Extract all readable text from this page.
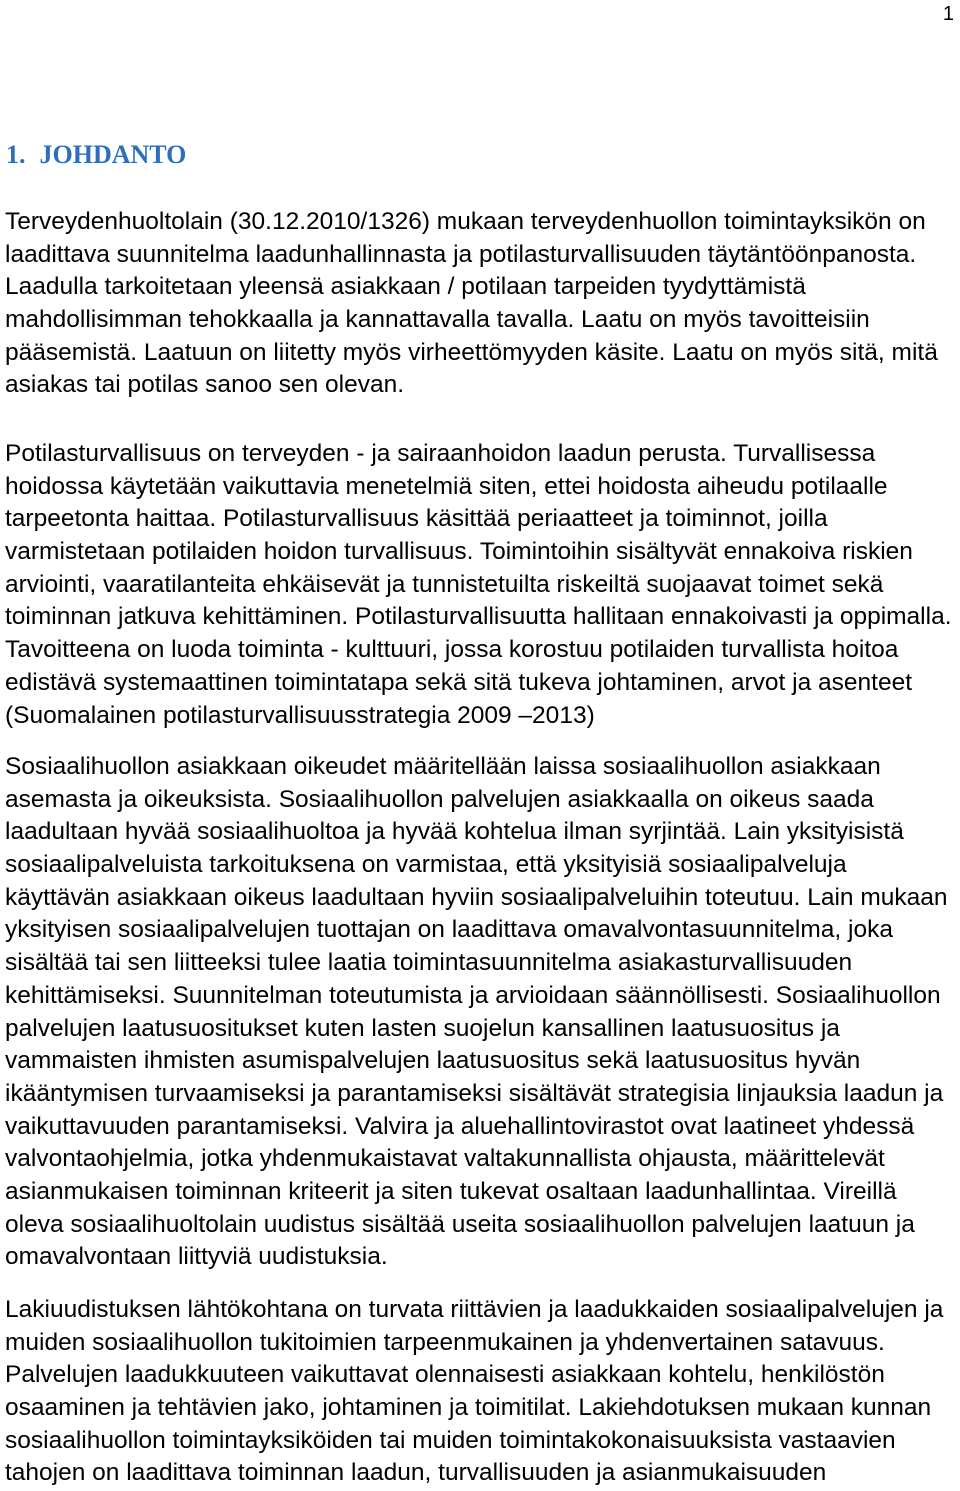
1
1. JOHDANTO
Terveydenhuoltolain (30.12.2010/1326) mukaan terveydenhuollon toimintayksikön on
laadittava suunnitelma laadunhallinnasta ja potilasturvallisuuden täytäntöönpanosta.
Laadulla tarkoitetaan yleensä asiakkaan / potilaan tarpeiden tyydyttämistä
mahdollisimman tehokkaalla ja kannattavalla tavalla. Laatu on myös tavoitteisiin
pääsemistä. Laatuun on liitetty myös virheettömyyden käsite. Laatu on myös sitä, mitä
asiakas tai potilas sanoo sen olevan.
Potilasturvallisuus on terveyden - ja sairaanhoidon laadun perusta. Turvallisessa
hoidossa käytetään vaikuttavia menetelmiä siten, ettei hoidosta aiheudu potilaalle
tarpeetonta haittaa. Potilasturvallisuus käsittää periaatteet ja toiminnot, joilla
varmistetaan potilaiden hoidon turvallisuus. Toimintoihin sisältyvät ennakoiva riskien
arviointi, vaaratilanteita ehkäisevät ja tunnistetuilta riskeiltä suojaavat toimet sekä
toiminnan jatkuva kehittäminen. Potilasturvallisuutta hallitaan ennakoivasti ja oppimalla.
Tavoitteena on luoda toiminta - kulttuuri, jossa korostuu potilaiden turvallista hoitoa
edistävä systemaattinen toimintatapa sekä sitä tukeva johtaminen, arvot ja asenteet
(Suomalainen potilasturvallisuusstrategia 2009 –2013)
Sosiaalihuollon asiakkaan oikeudet määritellään laissa sosiaalihuollon asiakkaan
asemasta ja oikeuksista. Sosiaalihuollon palvelujen asiakkaalla on oikeus saada
laadultaan hyvää sosiaalihuoltoa ja hyvää kohtelua ilman syrjintää. Lain yksityisistä
sosiaalipalveluista tarkoituksena on varmistaa, että yksityisiä sosiaalipalveluja
käyttävän asiakkaan oikeus laadultaan hyviin sosiaalipalveluihin toteutuu. Lain mukaan
yksityisen sosiaalipalvelujen tuottajan on laadittava omavalvontasuunnitelma, joka
sisältää tai sen liitteeksi tulee laatia toimintasuunnitelma asiakasturvallisuuden
kehittämiseksi. Suunnitelman toteutumista ja arvioidaan säännöllisesti. Sosiaalihuollon
palvelujen laatusuositukset kuten lasten suojelun kansallinen laatusuositus ja
vammaisten ihmisten asumispalvelujen laatusuositus sekä laatusuositus hyvän
ikääntymisen turvaamiseksi ja parantamiseksi sisältävät strategisia linjauksia laadun ja
vaikuttavuuden parantamiseksi. Valvira ja aluehallintovirastot ovat laatineet yhdessä
valvontaohjelmia, jotka yhdenmukaistavat valtakunnallista ohjausta, määrittelevät
asianmukaisen toiminnan kriteerit ja siten tukevat osaltaan laadunhallintaa. Vireillä
oleva sosiaalihuoltolain uudistus sisältää useita sosiaalihuollon palvelujen laatuun ja
omavalvontaan liittyviä uudistuksia.
Lakiuudistuksen lähtökohtana on turvata riittävien ja laadukkaiden sosiaalipalvelujen ja
muiden sosiaalihuollon tukitoimien tarpeenmukainen ja yhdenvertainen satavuus.
Palvelujen laadukkuuteen vaikuttavat olennaisesti asiakkaan kohtelu, henkilöstön
osaaminen ja tehtävien jako, johtaminen ja toimitilat. Lakiehdotuksen mukaan kunnan
sosiaalihuollon toimintayksiköiden tai muiden toimintakokonaisuuksista vastaavien
tahojen on laadittava toiminnan laadun, turvallisuuden ja asianmukaisuuden
